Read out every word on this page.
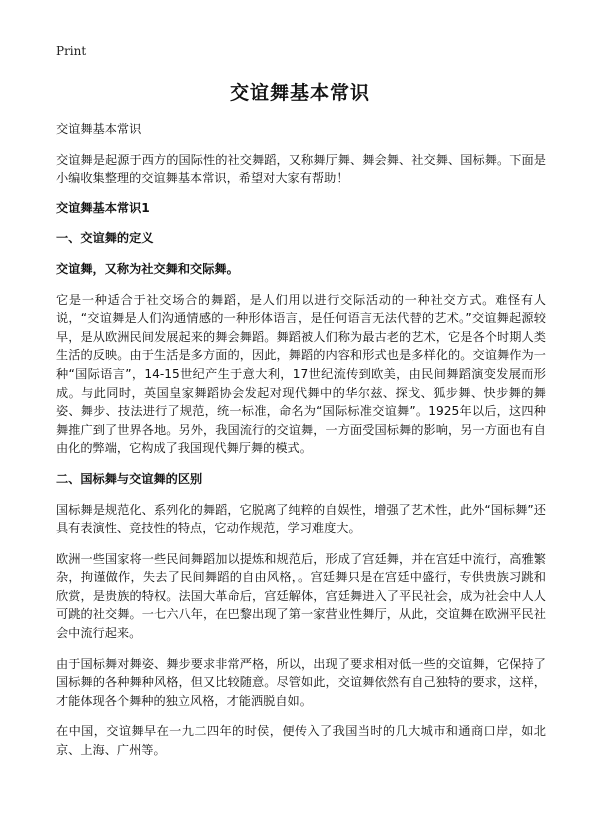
Print
交谊舞基本常识

交谊舞基本常识

交谊舞是起源于西方的国际性的社交舞蹈，又称舞厅舞、舞会舞、社交舞、国标舞。下面是小编收集整理的交谊舞基本常识，希望对大家有帮助！

交谊舞基本常识1

一、交谊舞的定义

交谊舞，又称为社交舞和交际舞。

它是一种适合于社交场合的舞蹈，是人们用以进行交际活动的一种社交方式。难怪有人说，“交谊舞是人们沟通情感的一种形体语言，是任何语言无法代替的艺术。”交谊舞起源较早，是从欧洲民间发展起来的舞会舞蹈。舞蹈被人们称为最古老的艺术，它是各个时期人类生活的反映。由于生活是多方面的，因此，舞蹈的内容和形式也是多样化的。交谊舞作为一种“国际语言”，14-15世纪产生于意大利，17世纪流传到欧美，由民间舞蹈演变发展而形成。与此同时，英国皇家舞蹈协会发起对现代舞中的华尔兹、探戈、狐步舞、快步舞的舞姿、舞步、技法进行了规范，统一标准，命名为“国际标准交谊舞”。1925年以后，这四种舞推广到了世界各地。另外，我国流行的交谊舞，一方面受国标舞的影响，另一方面也有自由化的弊端，它构成了我国现代舞厅舞的模式。

二、国标舞与交谊舞的区别

国标舞是规范化、系列化的舞蹈，它脱离了纯粹的自娱性，增强了艺术性，此外“国标舞”还具有表演性、竞技性的特点，它动作规范，学习难度大。

欧洲一些国家将一些民间舞蹈加以提炼和规范后，形成了宫廷舞，并在宫廷中流行，高雅繁杂，拘谨做作，失去了民间舞蹈的自由风格，。宫廷舞只是在宫廷中盛行，专供贵族习跳和欣赏，是贵族的特权。法国大革命后，宫廷解体，宫廷舞进入了平民社会，成为社会中人人可跳的社交舞。一七六八年，在巴黎出现了第一家营业性舞厅，从此，交谊舞在欧洲平民社会中流行起来。

由于国标舞对舞姿、舞步要求非常严格，所以，出现了要求相对低一些的交谊舞，它保持了国标舞的各种舞种风格，但又比较随意。尽管如此，交谊舞依然有自己独特的要求，这样，才能体现各个舞种的独立风格，才能洒脱自如。

在中国，交谊舞早在一九二四年的时侯，便传入了我国当时的几大城市和通商口岸，如北京、上海、广州等。
